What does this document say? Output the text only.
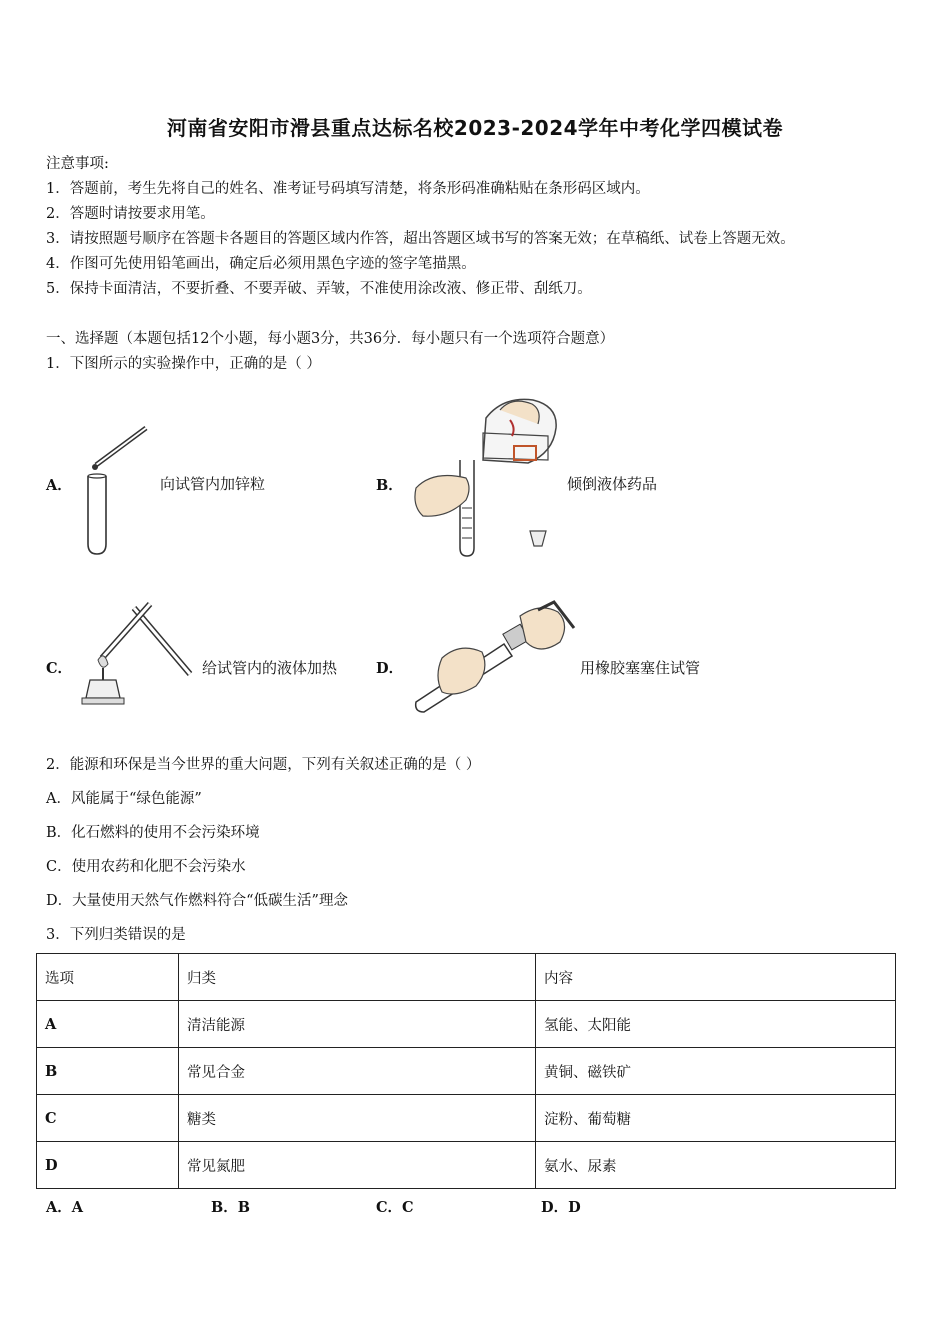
河南省安阳市滑县重点达标名校2023-2024学年中考化学四模试卷
注意事项:
1．答题前，考生先将自己的姓名、准考证号码填写清楚，将条形码准确粘贴在条形码区域内。
2．答题时请按要求用笔。
3．请按照题号顺序在答题卡各题目的答题区域内作答，超出答题区域书写的答案无效；在草稿纸、试卷上答题无效。
4．作图可先使用铅笔画出，确定后必须用黑色字迹的签字笔描黑。
5．保持卡面清洁，不要折叠、不要弄破、弄皱，不准使用涂改液、修正带、刮纸刀。
一、选择题（本题包括12个小题，每小题3分，共36分．每小题只有一个选项符合题意）
1．下图所示的实验操作中，正确的是（ ）
A．	向试管内加锌粒	B．	倾倒液体药品
C．	给试管内的液体加热	D．	用橡胶塞塞住试管
2．能源和环保是当今世界的重大问题，下列有关叙述正确的是（ ）
A．风能属于“绿色能源”
B．化石燃料的使用不会污染环境
C．使用农药和化肥不会污染水
D．大量使用天然气作燃料符合“低碳生活”理念
3．下列归类错误的是
选项	归类	内容
A	清洁能源	氢能、太阳能
B	常见合金	黄铜、磁铁矿
C	糖类	淀粉、葡萄糖
D	常见氮肥	氨水、尿素
A．A	B．B	C．C	D．D
